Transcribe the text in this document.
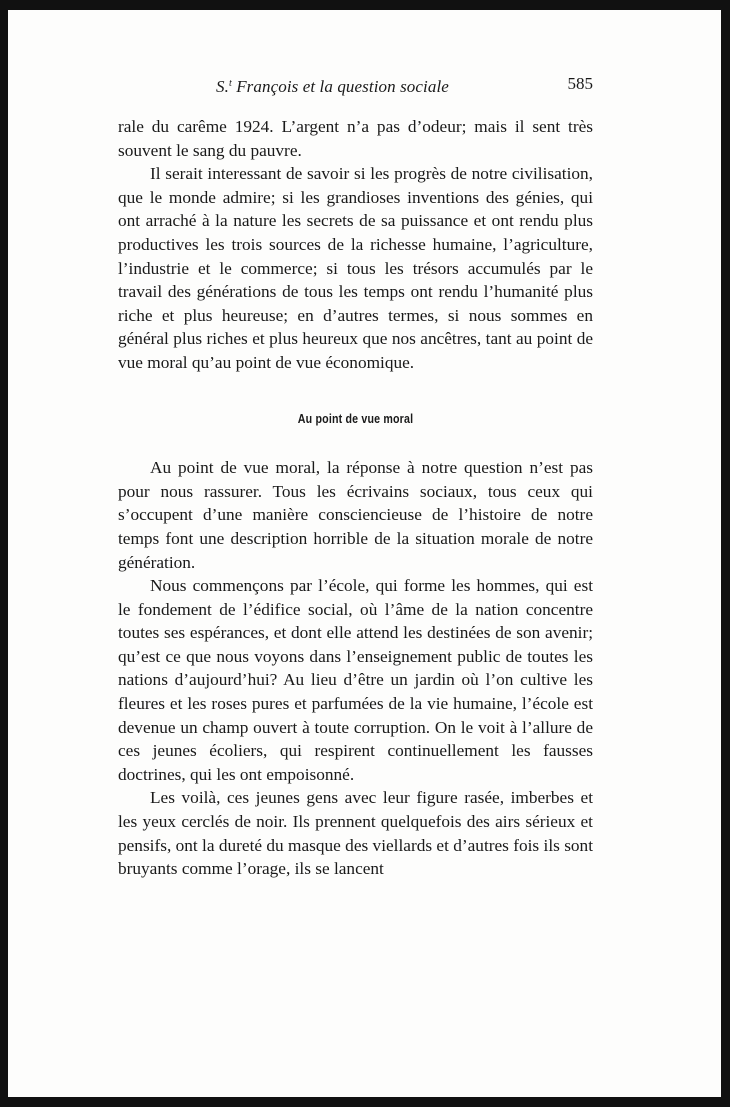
S.$^t$ François et la question sociale	585

rale du carême 1924. L’argent n’a pas d’odeur; mais il sent très souvent le sang du pauvre.

Il serait interessant de savoir si les progrès de notre civilisation, que le monde admire; si les grandioses inventions des génies, qui ont arraché à la nature les secrets de sa puissance et ont rendu plus productives les trois sources de la richesse humaine, l’agriculture, l’industrie et le commerce; si tous les trésors accumulés par le travail des générations de tous les temps ont rendu l’humanité plus riche et plus heureuse; en d’autres termes, si nous sommes en général plus riches et plus heureux que nos ancêtres, tant au point de vue moral qu’au point de vue économique.

Au point de vue moral

Au point de vue moral, la réponse à notre question n’est pas pour nous rassurer. Tous les écrivains sociaux, tous ceux qui s’occupent d’une manière consciencieuse de l’histoire de notre temps font une description horrible de la situation morale de notre génération.

Nous commençons par l’école, qui forme les hommes, qui est le fondement de l’édifice social, où l’âme de la nation concentre toutes ses espérances, et dont elle attend les destinées de son avenir; qu’est ce que nous voyons dans l’enseignement public de toutes les nations d’aujourd’hui? Au lieu d’être un jardin où l’on cultive les fleures et les roses pures et parfumées de la vie humaine, l’école est devenue un champ ouvert à toute corruption. On le voit à l’allure de ces jeunes écoliers, qui respirent continuellement les fausses doctrines, qui les ont empoisonné.

Les voilà, ces jeunes gens avec leur figure rasée, imberbes et les yeux cerclés de noir. Ils prennent quelquefois des airs sérieux et pensifs, ont la dureté du masque des viellards et d’autres fois ils sont bruyants comme l’orage, ils se lancent
